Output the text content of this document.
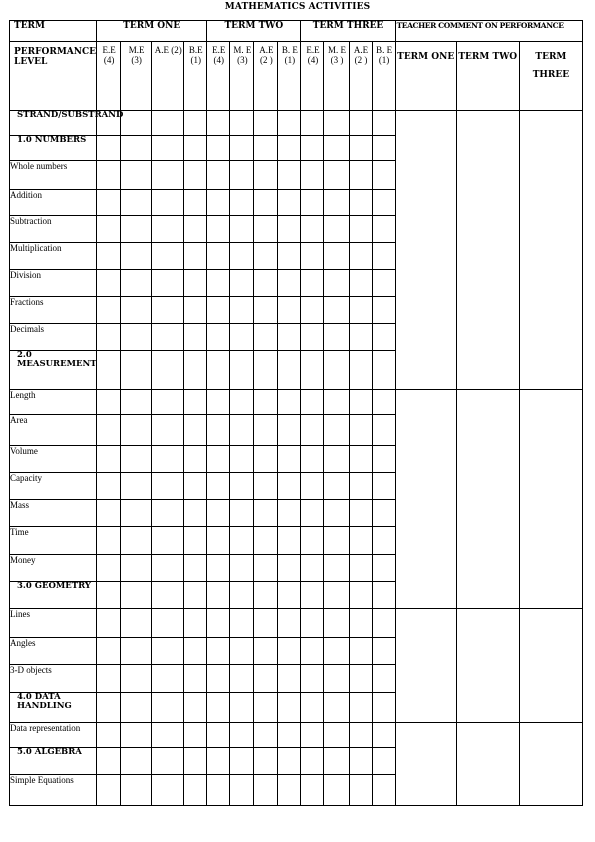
MATHEMATICS ACTIVITIES
TERM	TERM ONE				TERM TWO				TERM THREE				TEACHER COMMENT ON PERFORMANCE		
PERFORMANCE LEVEL	E.E (4)	M.E (3)	A.E (2)	B.E (1)	E.E (4)	M. E (3)	A.E (2 )	B. E (1)	E.E (4)	M. E (3 )	A.E (2 )	B. E (1)	TERM ONE	TERM TWO	TERM THREE
STRAND/SUBSTRAND															
1.0 NUMBERS															
Whole numbers															
Addition															
Subtraction															
Multiplication															
Division															
Fractions															
Decimals															
2.0 MEASUREMENT															
Length															
Area															
Volume															
Capacity															
Mass															
Time															
Money															
3.0 GEOMETRY															
Lines															
Angles															
3-D objects															
4.0 DATA HANDLING															
Data representation															
5.0 ALGEBRA															
Simple Equations															
